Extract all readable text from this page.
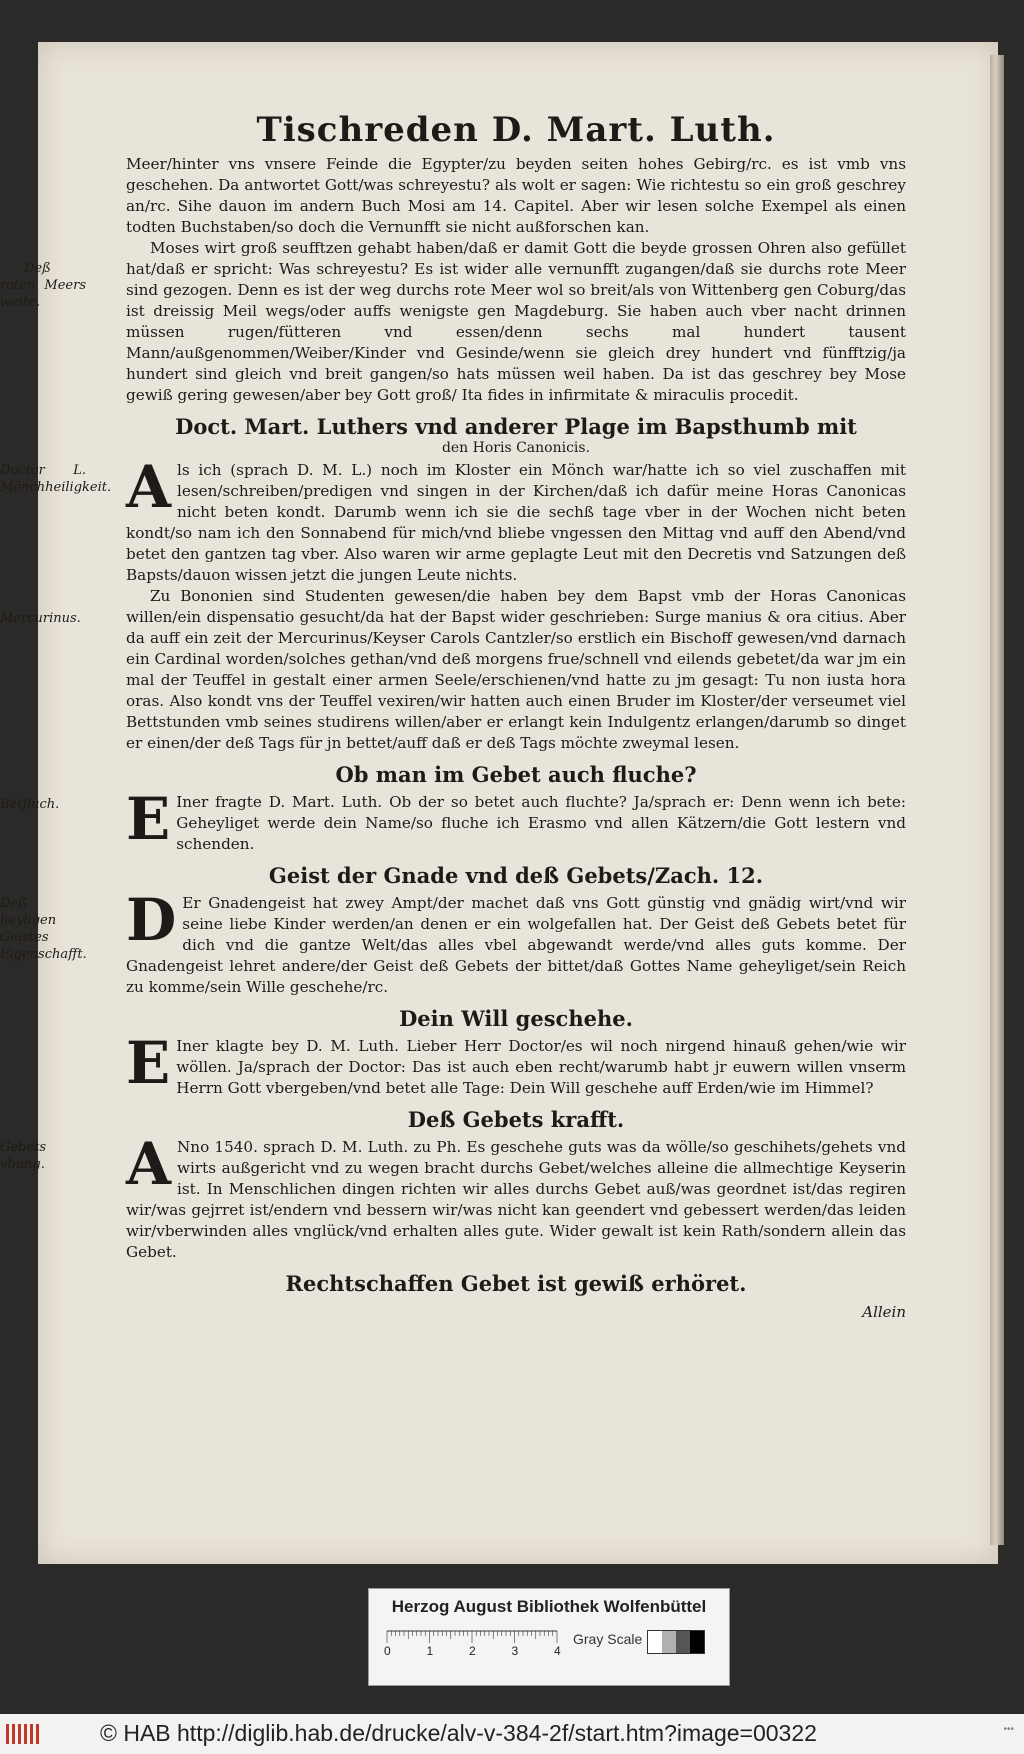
Tischreden D. Mart. Luth.

Meer/hinter vns vnsere Feinde die Egypter/zu beyden seiten hohes Gebirg/rc. es ist vmb vns geschehen. Da antwortet Gott/was schreyestu? als wolt er sagen: Wie richtestu so ein groß geschrey an/rc. Sihe dauon im andern Buch Mosi am 14. Capitel. Aber wir lesen solche Exempel als einen todten Buchstaben/so doch die Vernunfft sie nicht außforschen kan.

Deß roten Meers weite.
Moses wirt groß seufftzen gehabt haben/daß er damit Gott die beyde grossen Ohren also gefüllet hat/daß er spricht: Was schreyestu? Es ist wider alle vernunfft zugangen/daß sie durchs rote Meer sind gezogen. Denn es ist der weg durchs rote Meer wol so breit/als von Wittenberg gen Coburg/das ist dreissig Meil wegs/oder auffs wenigste gen Magdeburg. Sie haben auch vber nacht drinnen müssen rugen/fütteren vnd essen/denn sechs mal hundert tausent Mann/außgenommen/Weiber/Kinder vnd Gesinde/wenn sie gleich drey hundert vnd fünfftzig/ja hundert sind gleich vnd breit gangen/so hats müssen weil haben. Da ist das geschrey bey Mose gewiß gering gewesen/aber bey Gott groß/ Ita fides in infirmitate & miraculis procedit.

Doct. Mart. Luthers vnd anderer Plage im Bapsthumb mit
den Horis Canonicis.

Doctor L. Mönchheiligkeit. A ls ich (sprach D. M. L.) noch im Kloster ein Mönch war/hatte ich so viel zuschaffen mit lesen/schreiben/predigen vnd singen in der Kirchen/daß ich dafür meine Horas Canonicas nicht beten kondt. Darumb wenn ich sie die sechß tage vber in der Wochen nicht beten kondt/so nam ich den Sonnabend für mich/vnd bliebe vngessen den Mittag vnd auff den Abend/vnd betet den gantzen tag vber. Also waren wir arme geplagte Leut mit den Decretis vnd Satzungen deß Bapsts/dauon wissen jetzt die jungen Leute nichts.

Mercurinus.
Zu Bononien sind Studenten gewesen/die haben bey dem Bapst vmb der Horas Canonicas willen/ein dispensatio gesucht/da hat der Bapst wider geschrieben: Surge manius & ora citius. Aber da auff ein zeit der Mercurinus/Keyser Carols Cantzler/so erstlich ein Bischoff gewesen/vnd darnach ein Cardinal worden/solches gethan/vnd deß morgens frue/schnell vnd eilends gebetet/da war jm ein mal der Teuffel in gestalt einer armen Seele/erschienen/vnd hatte zu jm gesagt: Tu non iusta hora oras. Also kondt vns der Teuffel vexiren/wir hatten auch einen Bruder im Kloster/der verseumet viel Bettstunden vmb seines studirens willen/aber er erlangt kein Indulgentz erlangen/darumb so dinget er einen/der deß Tags für jn bettet/auff daß er deß Tags möchte zweymal lesen.

Ob man im Gebet auch fluche?

Betfluch.	E Iner fragte D. Mart. Luth. Ob der so betet auch fluchte? Ja/sprach er: Denn wenn ich bete: Geheyliget werde dein Name/so fluche ich Erasmo vnd allen Kätzern/die Gott lestern vnd schenden.

Geist der Gnade vnd deß Gebets/Zach. 12.

Deß heyligen Geistes Eigenschafft.
D Er Gnadengeist hat zwey Ampt/der machet daß vns Gott günstig vnd gnädig wirt/vnd wir seine liebe Kinder werden/an denen er ein wolgefallen hat. Der Geist deß Gebets betet für dich vnd die gantze Welt/das alles vbel abgewandt werde/vnd alles guts komme. Der Gnadengeist lehret andere/der Geist deß Gebets der bittet/daß Gottes Name geheyliget/sein Reich zu komme/sein Wille geschehe/rc.

Dein Will geschehe.

E Iner klagte bey D. M. Luth. Lieber Herr Doctor/es wil noch nirgend hinauß gehen/wie wir wöllen. Ja/sprach der Doctor: Das ist auch eben recht/warumb habt jr euwern willen vnserm Herrn Gott vbergeben/vnd betet alle Tage: Dein Will geschehe auff Erden/wie im Himmel?

Deß Gebets krafft.

Gebets vbung.	A Nno 1540. sprach D. M. Luth. zu Ph. Es geschehe guts was da wölle/so geschihets/gehets vnd wirts außgericht vnd zu wegen bracht durchs Gebet/welches alleine die allmechtige Keyserin ist. In Menschlichen dingen richten wir alles durchs Gebet auß/was geordnet ist/das regiren wir/was gejrret ist/endern vnd bessern wir/was nicht kan geendert vnd gebessert werden/das leiden wir/vberwinden alles vnglück/vnd erhalten alles gute. Wider gewalt ist kein Rath/sondern allein das Gebet.

Rechtschaffen Gebet ist gewiß erhöret.
Allein
Herzog August Bibliothek Wolfenbüttel
0	1	2	3	4
Gray Scale
© HAB http://diglib.hab.de/drucke/alv-v-384-2f/start.htm?image=00322	•••
